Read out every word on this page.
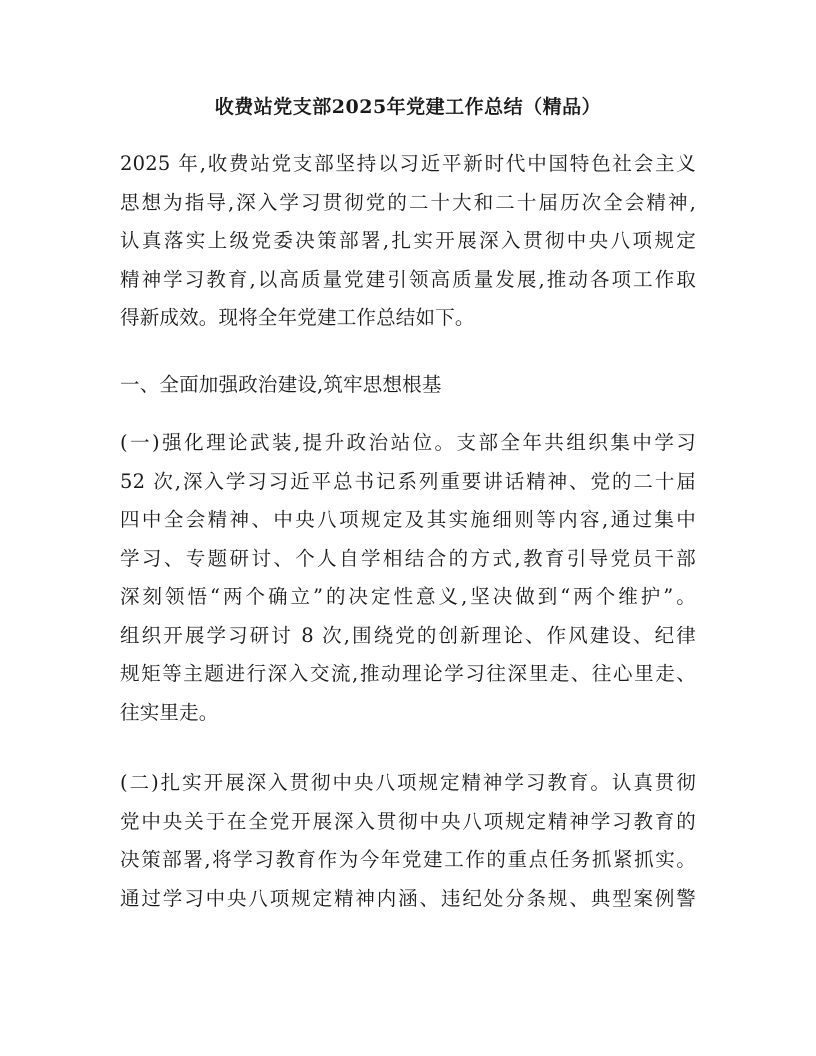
收费站党支部2025年党建工作总结（精品）
2025 年,收费站党支部坚持以习近平新时代中国特色社会主义
思想为指导,深入学习贯彻党的二十大和二十届历次全会精神,
认真落实上级党委决策部署,扎实开展深入贯彻中央八项规定
精神学习教育,以高质量党建引领高质量发展,推动各项工作取
得新成效。现将全年党建工作总结如下。
一、全面加强政治建设,筑牢思想根基
(一)强化理论武装,提升政治站位。支部全年共组织集中学习
52 次,深入学习习近平总书记系列重要讲话精神、党的二十届
四中全会精神、中央八项规定及其实施细则等内容,通过集中
学习、专题研讨、个人自学相结合的方式,教育引导党员干部
深刻领悟“两个确立”的决定性意义,坚决做到“两个维护”。
组织开展学习研讨 8 次,围绕党的创新理论、作风建设、纪律
规矩等主题进行深入交流,推动理论学习往深里走、往心里走、
往实里走。
(二)扎实开展深入贯彻中央八项规定精神学习教育。认真贯彻
党中央关于在全党开展深入贯彻中央八项规定精神学习教育的
决策部署,将学习教育作为今年党建工作的重点任务抓紧抓实。
通过学习中央八项规定精神内涵、违纪处分条规、典型案例警
